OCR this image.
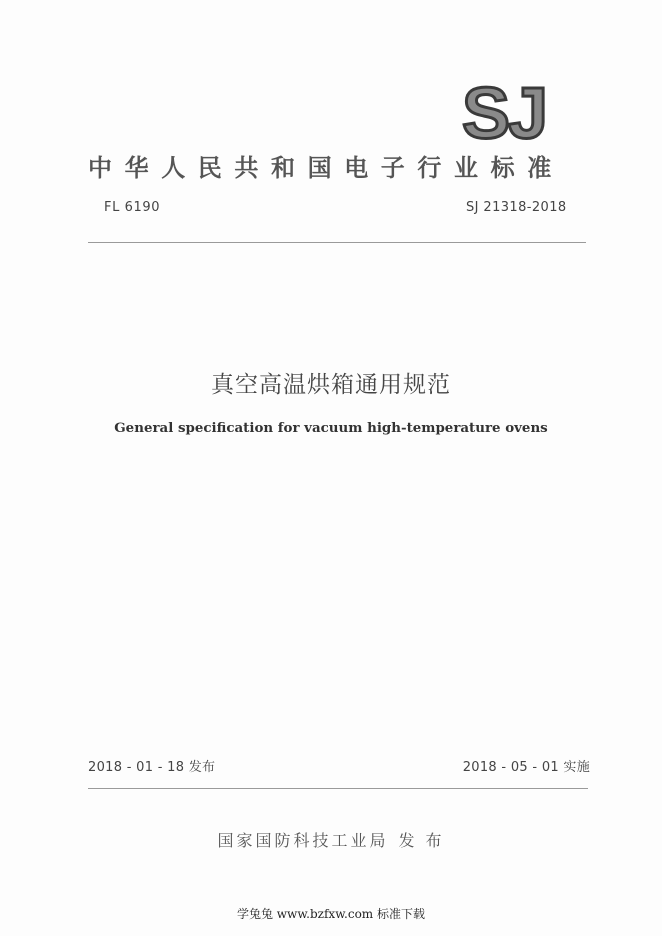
SJ
中华人民共和国电子行业标准
FL 6190	SJ 21318-2018
真空高温烘箱通用规范
General specification for vacuum high-temperature ovens
2018 - 01 - 18 发布	2018 - 05 - 01 实施
国家国防科技工业局 发 布
学兔兔 www.bzfxw.com 标准下载
